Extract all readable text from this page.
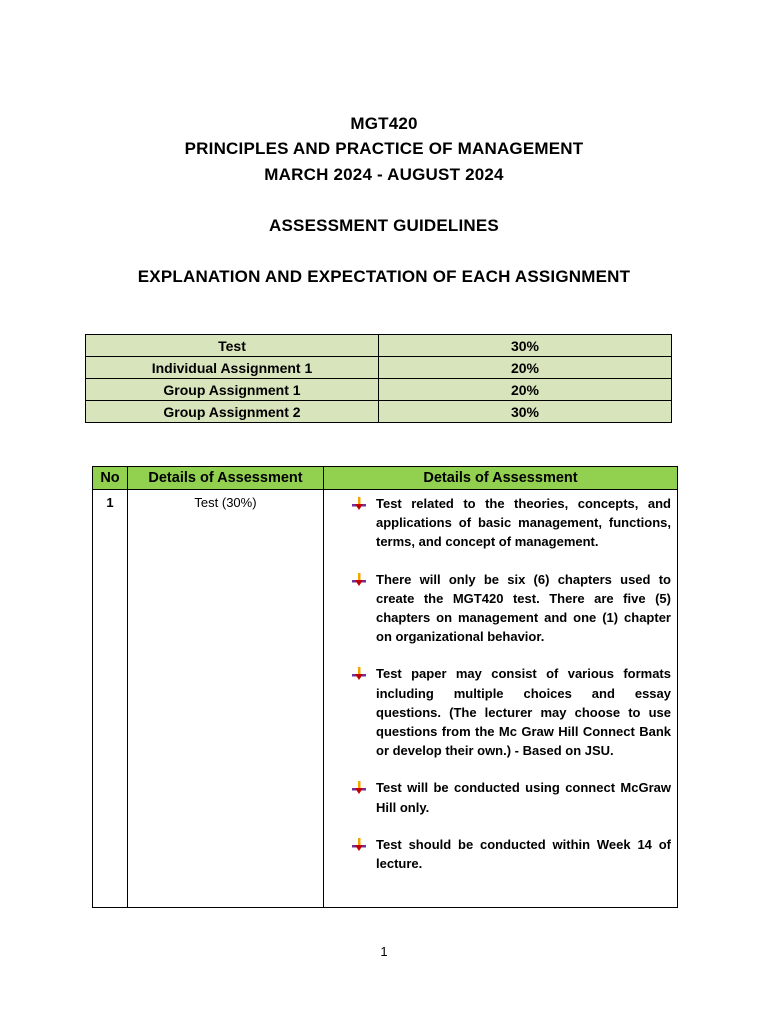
MGT420
PRINCIPLES AND PRACTICE OF MANAGEMENT
MARCH 2024 - AUGUST 2024
ASSESSMENT GUIDELINES
EXPLANATION AND EXPECTATION OF EACH ASSIGNMENT
Test	30%
Individual Assignment 1	20%
Group Assignment 1	20%
Group Assignment 2	30%
No	Details of Assessment	Details of Assessment
1	Test (30%)	Test related to the theories, concepts, and applications of basic management, functions, terms, and concept of management.
There will only be six (6) chapters used to create the MGT420 test. There are five (5) chapters on management and one (1) chapter on organizational behavior.
Test paper may consist of various formats including multiple choices and essay questions. (The lecturer may choose to use questions from the Mc Graw Hill Connect Bank or develop their own.) - Based on JSU.
Test will be conducted using connect McGraw Hill only.
Test should be conducted within Week 14 of lecture.
1
